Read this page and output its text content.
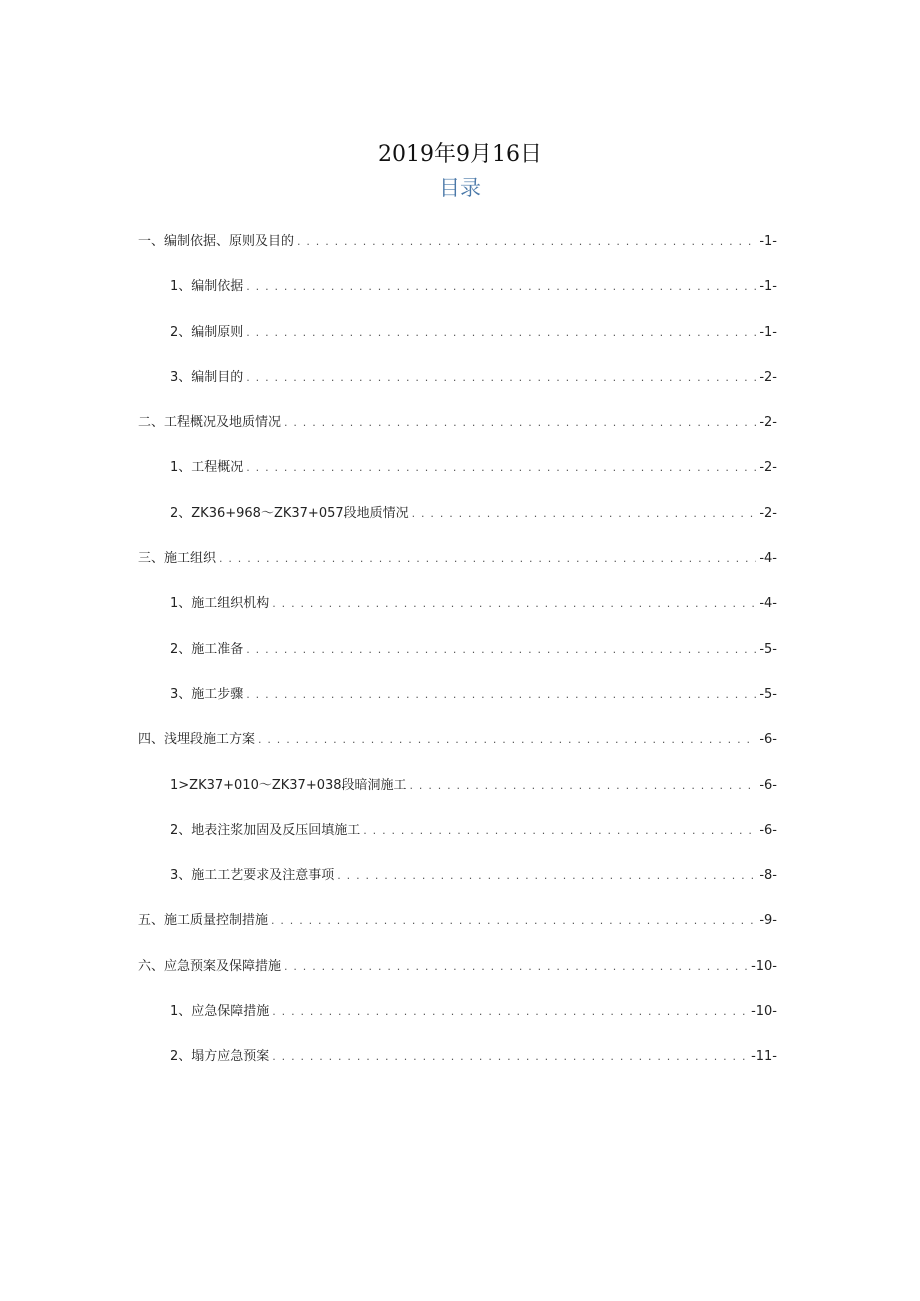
2019年9月16日
目录
一、编制依据、原则及目的 . . .	-1-
1、编制依据 . . .	-1-
2、编制原则 . . .	-1-
3、编制目的 . . .	-2-
二、工程概况及地质情况 . . .	-2-
1、工程概况 . . .	-2-
2、ZK36+968～ZK37+057段地质情况 . . .	-2-
三、施工组织 . . .	-4-
1、施工组织机构 . . .	-4-
2、施工准备 . . .	-5-
3、施工步骤 . . .	-5-
四、浅埋段施工方案 . . .	-6-
1>ZK37+010～ZK37+038段暗洞施工 . . .	-6-
2、地表注浆加固及反压回填施工 . . .	-6-
3、施工工艺要求及注意事项 . . .	-8-
五、施工质量控制措施 . . .	-9-
六、应急预案及保障措施 . . .	-10-
1、应急保障措施 . . .	-10-
2、塌方应急预案 . . .	-11-
